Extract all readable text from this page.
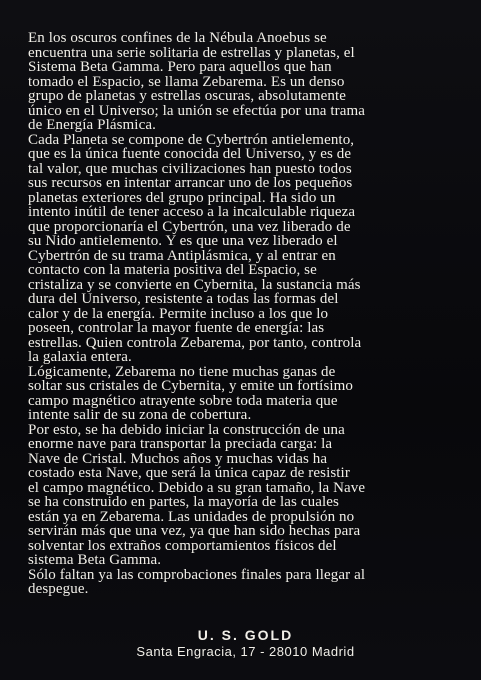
En los oscuros confines de la Nébula Anoebus se

encuentra una serie solitaria de estrellas y planetas, el

Sistema Beta Gamma. Pero para aquellos que han

tomado el Espacio, se llama Zebarema. Es un denso

grupo de planetas y estrellas oscuras, absolutamente

único en el Universo; la unión se efectúa por una trama

de Energía Plásmica.

Cada Planeta se compone de Cybertrón antielemento,

que es la única fuente conocida del Universo, y es de

tal valor, que muchas civilizaciones han puesto todos

sus recursos en intentar arrancar uno de los pequeños

planetas exteriores del grupo principal. Ha sido un

intento inútil de tener acceso a la incalculable riqueza

que proporcionaría el Cybertrón, una vez liberado de

su Nido antielemento. Y es que una vez liberado el

Cybertrón de su trama Antiplásmica, y al entrar en

contacto con la materia positiva del Espacio, se

cristaliza y se convierte en Cybernita, la sustancia más

dura del Universo, resistente a todas las formas del

calor y de la energía. Permite incluso a los que lo

poseen, controlar la mayor fuente de energía: las

estrellas. Quien controla Zebarema, por tanto, controla

la galaxia entera.

Lógicamente, Zebarema no tiene muchas ganas de

soltar sus cristales de Cybernita, y emite un fortísimo

campo magnético atrayente sobre toda materia que

intente salir de su zona de cobertura.

Por esto, se ha debido iniciar la construcción de una

enorme nave para transportar la preciada carga: la

Nave de Cristal. Muchos años y muchas vidas ha

costado esta Nave, que será la única capaz de resistir

el campo magnético. Debido a su gran tamaño, la Nave

se ha construido en partes, la mayoría de las cuales

están ya en Zebarema. Las unidades de propulsión no

servirán más que una vez, ya que han sido hechas para

solventar los extraños comportamientos físicos del

sistema Beta Gamma.

Sólo faltan ya las comprobaciones finales para llegar al

despegue.

U. S. GOLD
Santa Engracia, 17 - 28010 Madrid
